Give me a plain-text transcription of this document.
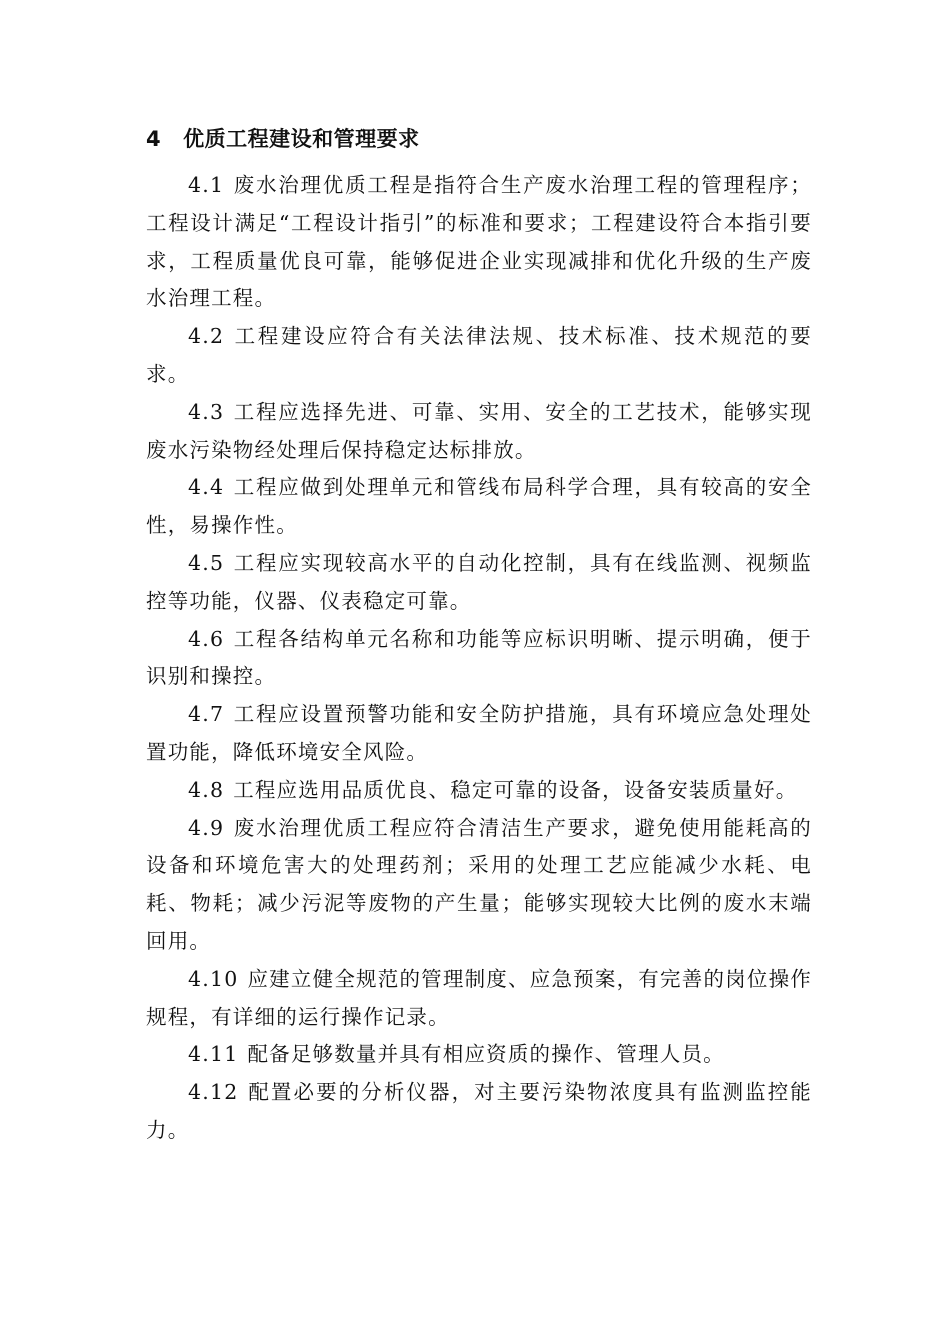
4 优质工程建设和管理要求

4.1 废水治理优质工程是指符合生产废水治理工程的管理程序；工程设计满足“工程设计指引”的标准和要求；工程建设符合本指引要求，工程质量优良可靠，能够促进企业实现减排和优化升级的生产废水治理工程。

4.2 工程建设应符合有关法律法规、技术标准、技术规范的要求。

4.3 工程应选择先进、可靠、实用、安全的工艺技术，能够实现废水污染物经处理后保持稳定达标排放。

4.4 工程应做到处理单元和管线布局科学合理，具有较高的安全性，易操作性。

4.5 工程应实现较高水平的自动化控制，具有在线监测、视频监控等功能，仪器、仪表稳定可靠。

4.6 工程各结构单元名称和功能等应标识明晰、提示明确，便于识别和操控。

4.7 工程应设置预警功能和安全防护措施，具有环境应急处理处置功能，降低环境安全风险。

4.8 工程应选用品质优良、稳定可靠的设备，设备安装质量好。

4.9 废水治理优质工程应符合清洁生产要求，避免使用能耗高的设备和环境危害大的处理药剂；采用的处理工艺应能减少水耗、电耗、物耗；减少污泥等废物的产生量；能够实现较大比例的废水末端回用。

4.10 应建立健全规范的管理制度、应急预案，有完善的岗位操作规程，有详细的运行操作记录。

4.11 配备足够数量并具有相应资质的操作、管理人员。

4.12 配置必要的分析仪器，对主要污染物浓度具有监测监控能力。
